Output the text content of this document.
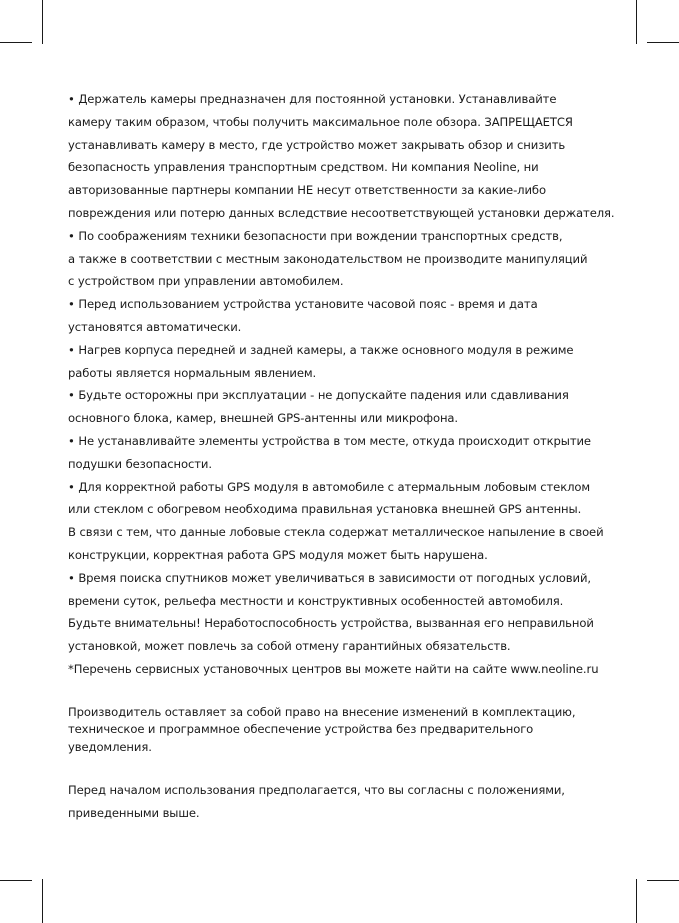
• Держатель камеры предназначен для постоянной установки. Устанавливайте
камеру таким образом, чтобы получить максимальное поле обзора. ЗАПРЕЩАЕТСЯ
устанавливать камеру в место, где устройство может закрывать обзор и снизить
безопасность управления транспортным средством. Ни компания Neoline, ни
авторизованные партнеры компании НЕ несут ответственности за какие-либо
повреждения или потерю данных вследствие несоответствующей установки держателя.
• По соображениям техники безопасности при вождении транспортных средств,
а также в соответствии с местным законодательством не производите манипуляций
с устройством при управлении автомобилем.
• Перед использованием устройства установите часовой пояс - время и дата
установятся автоматически.
• Нагрев корпуса передней и задней камеры, а также основного модуля в режиме
работы является нормальным явлением.
• Будьте осторожны при эксплуатации - не допускайте падения или сдавливания
основного блока, камер, внешней GPS-антенны или микрофона.
• Не устанавливайте элементы устройства в том месте, откуда происходит открытие
подушки безопасности.
• Для корректной работы GPS модуля в автомобиле с атермальным лобовым стеклом
или стеклом с обогревом необходима правильная установка внешней GPS антенны.
В связи с тем, что данные лобовые стекла содержат металлическое напыление в своей
конструкции, корректная работа GPS модуля может быть нарушена.
• Время поиска спутников может увеличиваться в зависимости от погодных условий,
времени суток, рельефа местности и конструктивных особенностей автомобиля.
Будьте внимательны! Неработоспособность устройства, вызванная его неправильной
установкой, может повлечь за собой отмену гарантийных обязательств.
*Перечень сервисных установочных центров вы можете найти на сайте www.neoline.ru
Производитель оставляет за собой право на внесение изменений в комплектацию,
техническое и программное обеспечение устройства без предварительного
уведомления.
Перед началом использования предполагается, что вы согласны с положениями,
приведенными выше.
